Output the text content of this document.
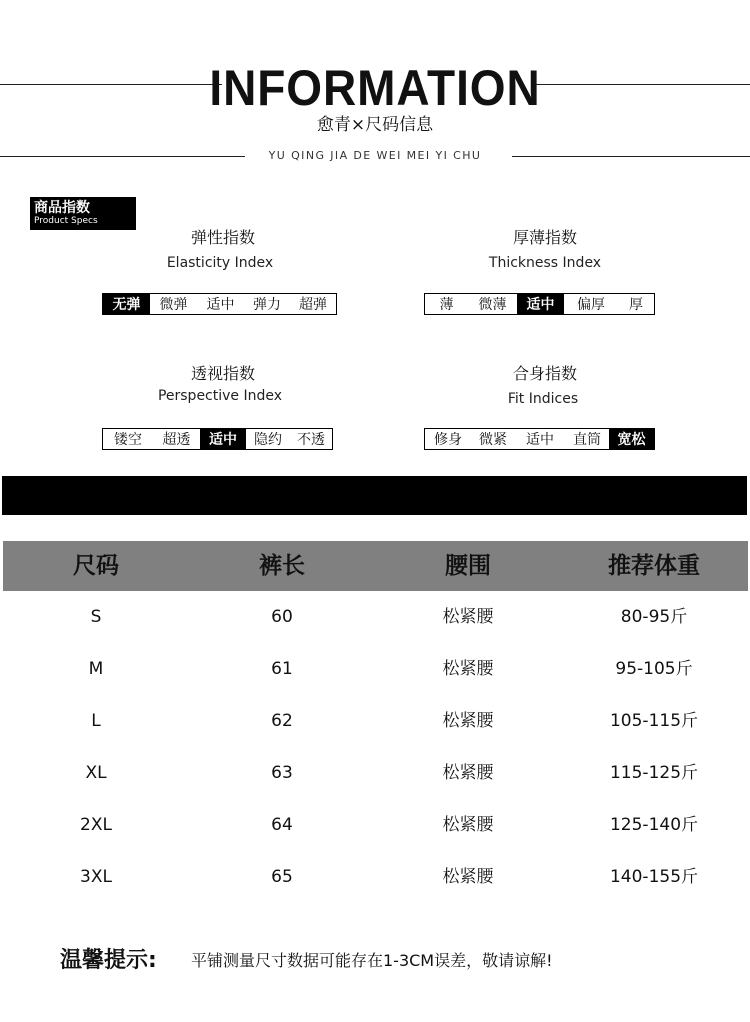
INFORMATION
愈青×尺码信息
YU QING JIA DE WEI MEI YI CHU
商品指数
Product Specs
弹性指数
Elasticity Index
无弹	微弹	适中	弹力	超弹
厚薄指数
Thickness Index
薄	微薄	适中	偏厚	厚
透视指数
Perspective Index
镂空	超透	适中	隐约	不透
合身指数
Fit Indices
修身	微紧	适中	直筒	宽松
尺码	裤长	腰围	推荐体重
S	60	松紧腰	80-95斤
M	61	松紧腰	95-105斤
L	62	松紧腰	105-115斤
XL	63	松紧腰	115-125斤
2XL	64	松紧腰	125-140斤
3XL	65	松紧腰	140-155斤
温馨提示: 平铺测量尺寸数据可能存在1-3CM误差，敬请谅解!
